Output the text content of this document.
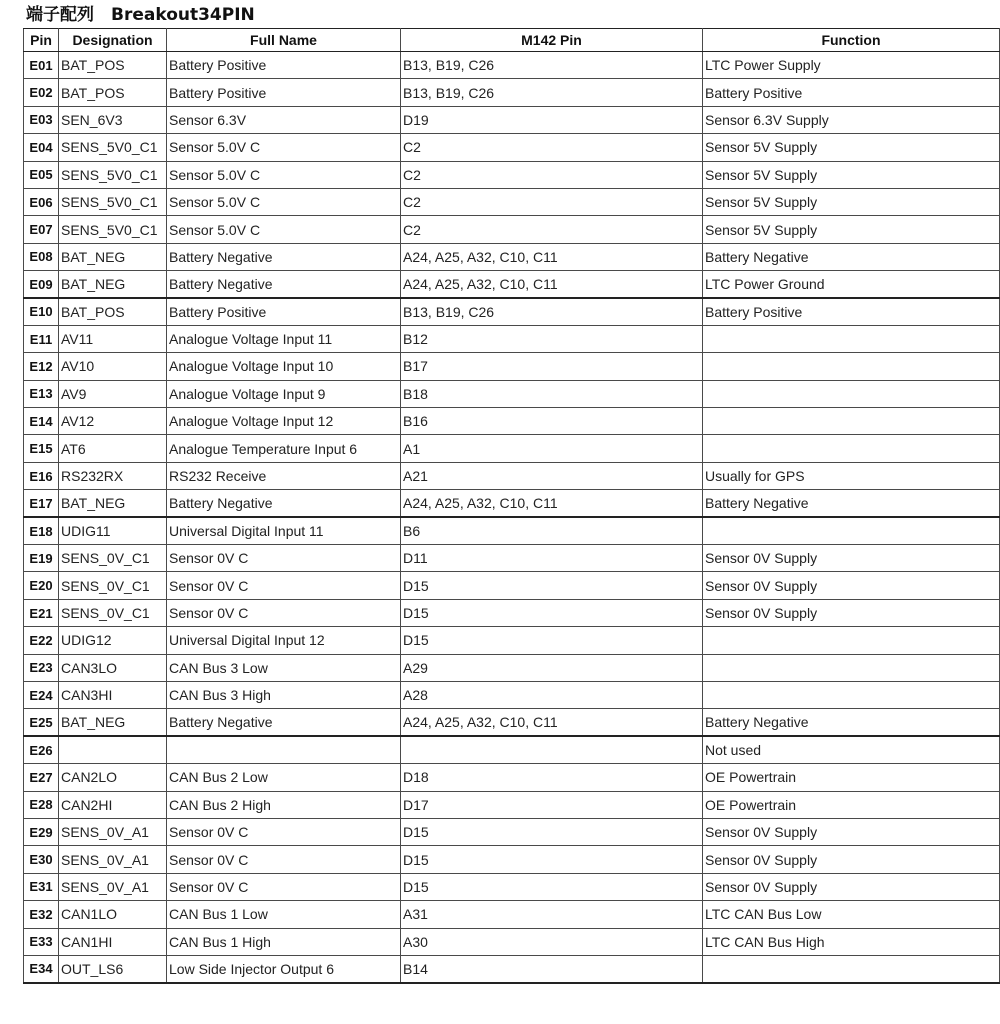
端子配列　Breakout34PIN
Pin	Designation	Full Name	M142 Pin	Function
E01	BAT_POS	Battery Positive	B13, B19, C26	LTC Power Supply
E02	BAT_POS	Battery Positive	B13, B19, C26	Battery Positive
E03	SEN_6V3	Sensor 6.3V	D19	Sensor 6.3V Supply
E04	SENS_5V0_C1	Sensor 5.0V C	C2	Sensor 5V Supply
E05	SENS_5V0_C1	Sensor 5.0V C	C2	Sensor 5V Supply
E06	SENS_5V0_C1	Sensor 5.0V C	C2	Sensor 5V Supply
E07	SENS_5V0_C1	Sensor 5.0V C	C2	Sensor 5V Supply
E08	BAT_NEG	Battery Negative	A24, A25, A32, C10, C11	Battery Negative
E09	BAT_NEG	Battery Negative	A24, A25, A32, C10, C11	LTC Power Ground
E10	BAT_POS	Battery Positive	B13, B19, C26	Battery Positive
E11	AV11	Analogue Voltage Input 11	B12	
E12	AV10	Analogue Voltage Input 10	B17	
E13	AV9	Analogue Voltage Input 9	B18	
E14	AV12	Analogue Voltage Input 12	B16	
E15	AT6	Analogue Temperature Input 6	A1	
E16	RS232RX	RS232 Receive	A21	Usually for GPS
E17	BAT_NEG	Battery Negative	A24, A25, A32, C10, C11	Battery Negative
E18	UDIG11	Universal Digital Input 11	B6	
E19	SENS_0V_C1	Sensor 0V C	D11	Sensor 0V Supply
E20	SENS_0V_C1	Sensor 0V C	D15	Sensor 0V Supply
E21	SENS_0V_C1	Sensor 0V C	D15	Sensor 0V Supply
E22	UDIG12	Universal Digital Input 12	D15	
E23	CAN3LO	CAN Bus 3 Low	A29	
E24	CAN3HI	CAN Bus 3 High	A28	
E25	BAT_NEG	Battery Negative	A24, A25, A32, C10, C11	Battery Negative
E26				Not used
E27	CAN2LO	CAN Bus 2 Low	D18	OE Powertrain
E28	CAN2HI	CAN Bus 2 High	D17	OE Powertrain
E29	SENS_0V_A1	Sensor 0V C	D15	Sensor 0V Supply
E30	SENS_0V_A1	Sensor 0V C	D15	Sensor 0V Supply
E31	SENS_0V_A1	Sensor 0V C	D15	Sensor 0V Supply
E32	CAN1LO	CAN Bus 1 Low	A31	LTC CAN Bus Low
E33	CAN1HI	CAN Bus 1 High	A30	LTC CAN Bus High
E34	OUT_LS6	Low Side Injector Output 6	B14	
